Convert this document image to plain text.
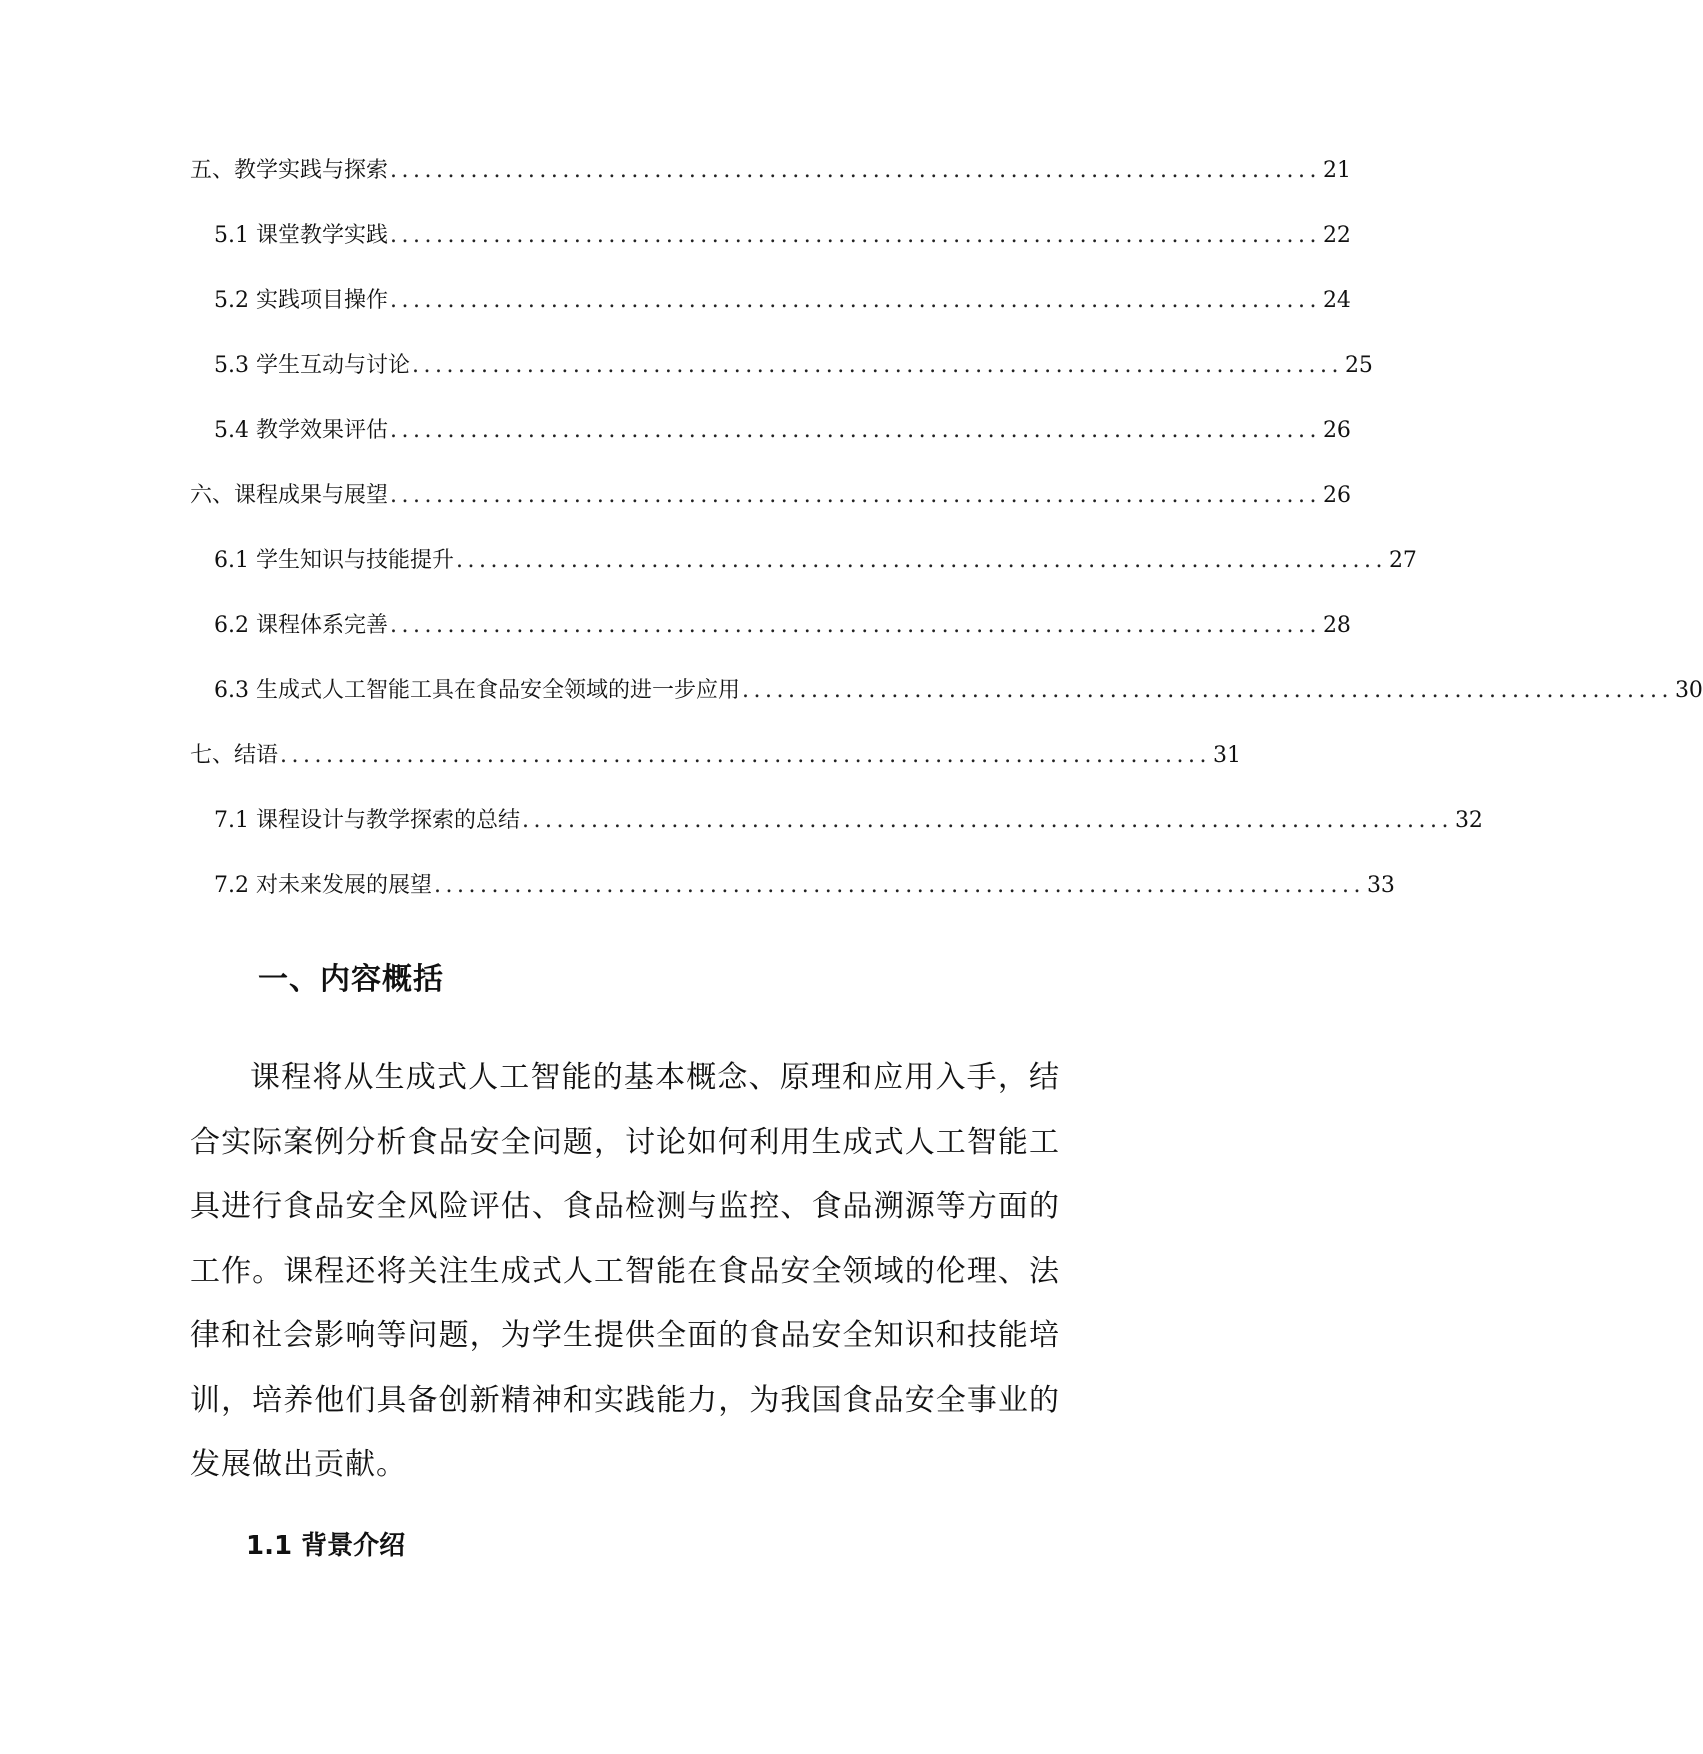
五、教学实践与探索 ................................................................................. 21
5.1 课堂教学实践 ................................................................................. 22
5.2 实践项目操作 ................................................................................. 24
5.3 学生互动与讨论 ................................................................................. 25
5.4 教学效果评估 ................................................................................. 26
六、课程成果与展望 ................................................................................. 26
6.1 学生知识与技能提升 ................................................................................. 27
6.2 课程体系完善 ................................................................................. 28
6.3 生成式人工智能工具在食品安全领域的进一步应用 ................................................................................. 30
七、结语 ................................................................................. 31
7.1 课程设计与教学探索的总结 ................................................................................. 32
7.2 对未来发展的展望 ................................................................................. 33
一、内容概括

课程将从生成式人工智能的基本概念、原理和应用入手，结合实际案例分析食品安全问题，讨论如何利用生成式人工智能工具进行食品安全风险评估、食品检测与监控、食品溯源等方面的工作。课程还将关注生成式人工智能在食品安全领域的伦理、法律和社会影响等问题，为学生提供全面的食品安全知识和技能培训，培养他们具备创新精神和实践能力，为我国食品安全事业的发展做出贡献。

1.1 背景介绍
